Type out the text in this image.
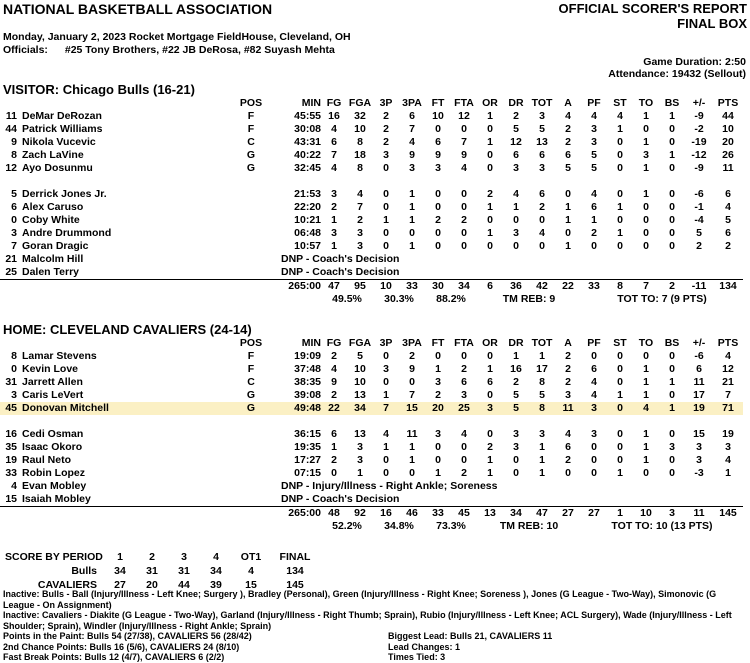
NATIONAL BASKETBALL ASSOCIATION	OFFICIAL SCORER'S REPORT
FINAL BOX
Monday, January 2, 2023 Rocket Mortgage FieldHouse, Cleveland, OH
Officials: #25 Tony Brothers, #22 JB DeRosa, #82 Suyash Mehta
Game Duration: 2:50
Attendance: 19432 (Sellout)
VISITOR: Chicago Bulls (16-21)
	POS	MIN	FG	FGA	3P	3PA	FT	FTA	OR	DR	TOT	A	PF	ST	TO	BS	+/-	PTS
11 DeMar DeRozan	F	45:55	16	32	2	6	10	12	1	2	3	4	4	4	1	1	-9	44
44 Patrick Williams	F	30:08	4	10	2	7	0	0	0	5	5	2	3	1	0	0	-2	10
9 Nikola Vucevic	C	43:31	6	8	2	4	6	7	1	12	13	2	3	0	1	0	-19	20
8 Zach LaVine	G	40:22	7	18	3	9	9	9	0	6	6	6	5	0	3	1	-12	26
12 Ayo Dosunmu	G	32:45	4	8	0	3	3	4	0	3	3	5	5	0	1	0	-9	11

5 Derrick Jones Jr.		21:53	3	4	0	1	0	0	2	4	6	0	4	0	1	0	-6	6
6 Alex Caruso		22:20	2	7	0	1	0	0	1	1	2	1	6	1	0	0	-1	4
0 Coby White		10:21	1	2	1	1	2	2	0	0	0	1	1	0	0	0	-4	5
3 Andre Drummond		06:48	3	3	0	0	0	0	1	3	4	0	2	1	0	0	5	6
7 Goran Dragic		10:57	1	3	0	1	0	0	0	0	0	1	0	0	0	0	2	2
21 Malcolm Hill		DNP - Coach's Decision																
25 Dalen Terry		DNP - Coach's Decision																
		265:00	47	95	10	33	30	34	6	36	42	22	33	8	7	2	-11	134
			49.5%		30.3%		88.2%		TM REB: 9				TOT TO: 7 (9 PTS)					
HOME: CLEVELAND CAVALIERS (24-14)
	POS	MIN	FG	FGA	3P	3PA	FT	FTA	OR	DR	TOT	A	PF	ST	TO	BS	+/-	PTS
8 Lamar Stevens	F	19:09	2	5	0	2	0	0	0	1	1	2	0	0	0	0	-6	4
0 Kevin Love	F	37:48	4	10	3	9	1	2	1	16	17	2	6	0	1	0	6	12
31 Jarrett Allen	C	38:35	9	10	0	0	3	6	6	2	8	2	4	0	1	1	11	21
3 Caris LeVert	G	39:08	2	13	1	7	2	3	0	5	5	3	4	1	1	0	17	7
45 Donovan Mitchell	G	49:48	22	34	7	15	20	25	3	5	8	11	3	0	4	1	19	71

16 Cedi Osman		36:15	6	13	4	11	3	4	0	3	3	4	3	0	1	0	15	19
35 Isaac Okoro		19:35	1	3	1	1	0	0	2	3	1	6	0	0	1	3	3	3
19 Raul Neto		17:27	2	3	0	1	0	0	1	0	1	2	0	0	1	0	3	4
33 Robin Lopez		07:15	0	1	0	0	1	2	1	0	1	0	0	1	0	0	-3	1
4 Evan Mobley		DNP - Injury/Illness - Right Ankle; Soreness																
15 Isaiah Mobley		DNP - Coach's Decision																
		265:00	48	92	16	46	33	45	13	34	47	27	27	1	10	3	11	145
			52.2%		34.8%		73.3%		TM REB: 10				TOT TO: 10 (13 PTS)					
SCORE BY PERIOD	1	2	3	4	OT1	FINAL
Bulls	34	31	31	34	4	134
CAVALIERS	27	20	44	39	15	145
Inactive: Bulls - Ball (Injury/Illness - Left Knee; Surgery ), Bradley (Personal), Green (Injury/Illness - Right Knee; Soreness ), Jones (G League - Two-Way), Simonovic (G League - On Assignment)
Inactive: Cavaliers - Diakite (G League - Two-Way), Garland (Injury/Illness - Right Thumb; Sprain), Rubio (Injury/Illness - Left Knee; ACL Surgery), Wade (Injury/Illness - Left Shoulder; Sprain), Windler (Injury/Illness - Right Ankle; Sprain)
Points in the Paint: Bulls 54 (27/38), CAVALIERS 56 (28/42)
2nd Chance Points: Bulls 16 (5/6), CAVALIERS 24 (8/10)
Fast Break Points: Bulls 12 (4/7), CAVALIERS 6 (2/2)
Biggest Lead: Bulls 21, CAVALIERS 11
Lead Changes: 1
Times Tied: 3
